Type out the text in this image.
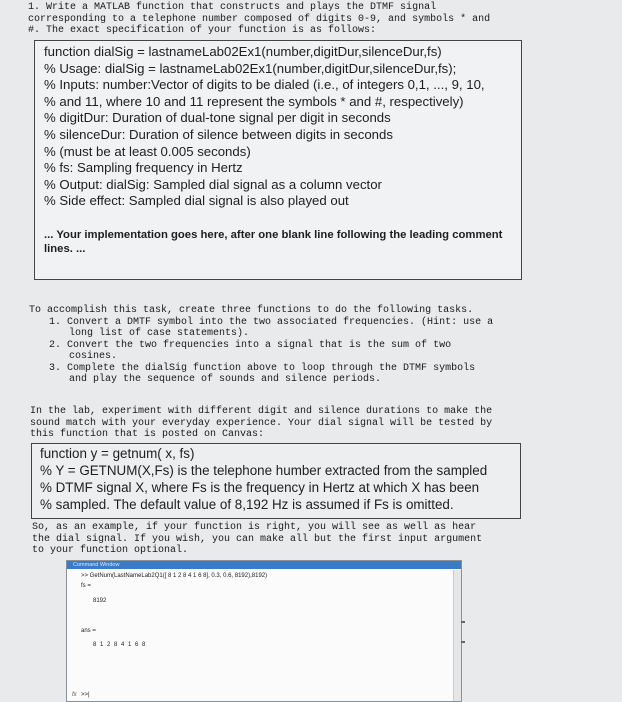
1. Write a MATLAB function that constructs and plays the DTMF signal
corresponding to a telephone number composed of digits 0-9, and symbols * and
#. The exact specification of your function is as follows:
function dialSig = lastnameLab02Ex1(number,digitDur,silenceDur,fs)
% Usage: dialSig = lastnameLab02Ex1(number,digitDur,silenceDur,fs);
% Inputs: number:Vector of digits to be dialed (i.e., of integers 0,1, ..., 9, 10,
% and 11, where 10 and 11 represent the symbols * and #, respectively)
% digitDur: Duration of dual-tone signal per digit in seconds
% silenceDur: Duration of silence between digits in seconds
% (must be at least 0.005 seconds)
% fs: Sampling frequency in Hertz
% Output: dialSig: Sampled dial signal as a column vector
% Side effect: Sampled dial signal is also played out
... Your implementation goes here, after one blank line following the leading comment lines. ...
To accomplish this task, create three functions to do the following tasks.
1. Convert a DMTF symbol into the two associated frequencies. (Hint: use a
long list of case statements).
2. Convert the two frequencies into a signal that is the sum of two
cosines.
3. Complete the dialSig function above to loop through the DTMF symbols
and play the sequence of sounds and silence periods.
In the lab, experiment with different digit and silence durations to make the
sound match with your everyday experience. Your dial signal will be tested by
this function that is posted on Canvas:
function y = getnum( x, fs)
% Y = GETNUM(X,Fs) is the telephone humber extracted from the sampled
% DTMF signal X, where Fs is the frequency in Hertz at which X has been
% sampled. The default value of 8,192 Hz is assumed if Fs is omitted.
So, as an example, if your function is right, you will see as well as hear
the dial signal. If you wish, you can make all but the first input argument
to your function optional.
Command Window
>> GetNum(LastNameLab2Q1([ 8 1 2 8 4 1 6 8], 0.3, 0.6, 8192),8192)
fs =
8192
ans =
8 1 2 8 4 1 6 8
fx >>|
